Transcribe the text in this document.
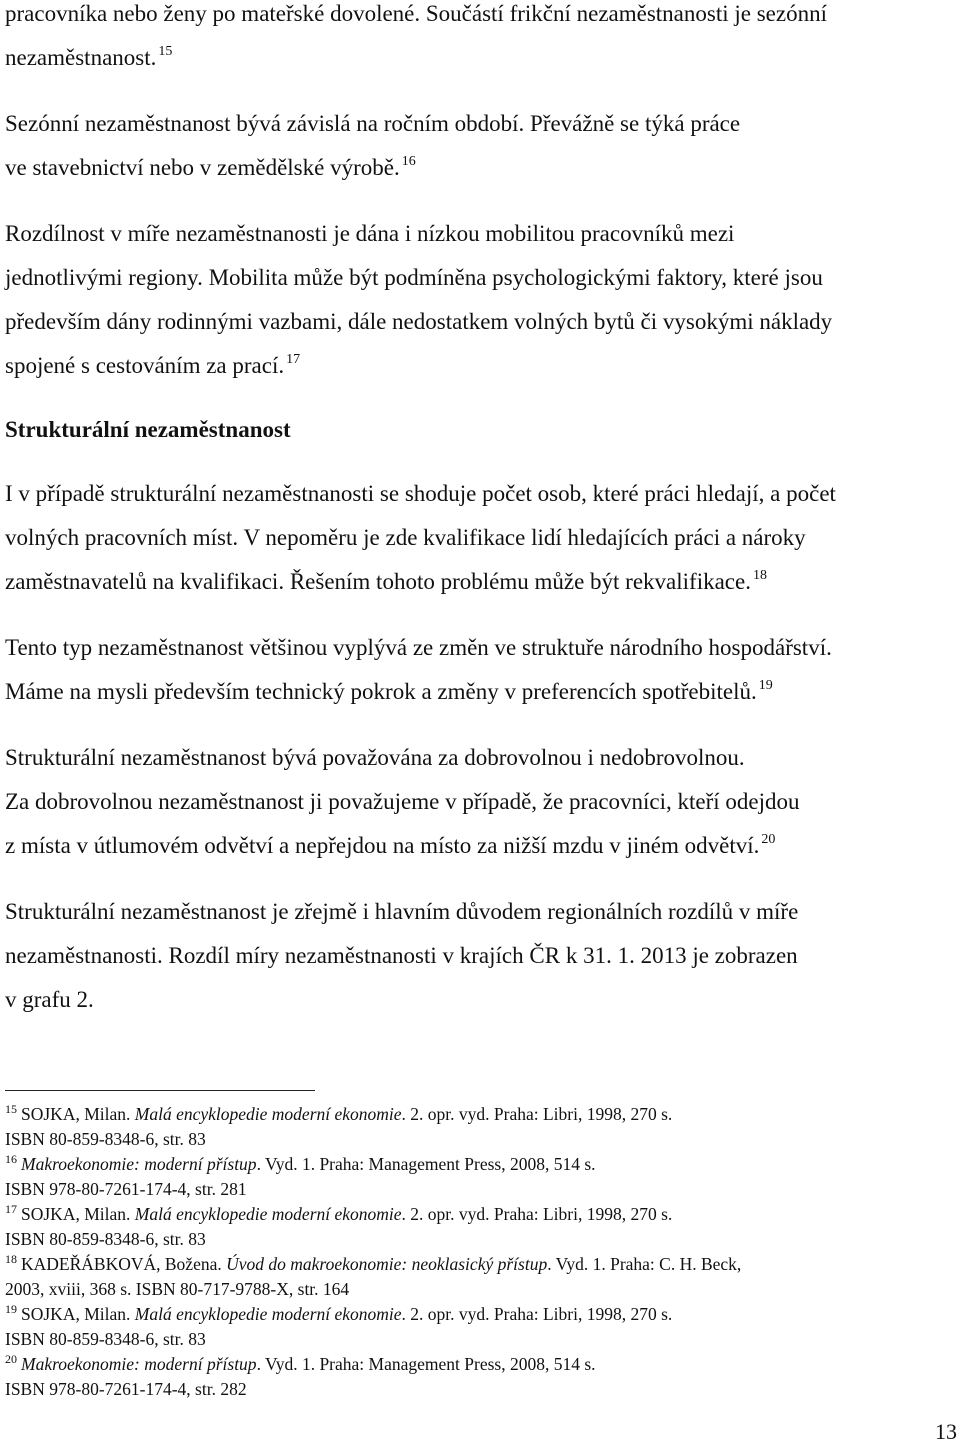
pracovníka nebo ženy po mateřské dovolené. Součástí frikční nezaměstnanosti je sezónní
nezaměstnanost. $^{15}$

Sezónní nezaměstnanost bývá závislá na ročním období. Převážně se týká práce
ve stavebnictví nebo v zemědělské výrobě. $^{16}$

Rozdílnost v míře nezaměstnanosti je dána i nízkou mobilitou pracovníků mezi
jednotlivými regiony. Mobilita může být podmíněna psychologickými faktory, které jsou
především dány rodinnými vazbami, dále nedostatkem volných bytů či vysokými náklady
spojené s cestováním za prací. $^{17}$

Strukturální nezaměstnanost

I v případě strukturální nezaměstnanosti se shoduje počet osob, které práci hledají, a počet
volných pracovních míst. V nepoměru je zde kvalifikace lidí hledajících práci a nároky
zaměstnavatelů na kvalifikaci. Řešením tohoto problému může být rekvalifikace. $^{18}$

Tento typ nezaměstnanost většinou vyplývá ze změn ve struktuře národního hospodářství.
Máme na mysli především technický pokrok a změny v preferencích spotřebitelů. $^{19}$

Strukturální nezaměstnanost bývá považována za dobrovolnou i nedobrovolnou.
Za dobrovolnou nezaměstnanost ji považujeme v případě, že pracovníci, kteří odejdou
z místa v útlumovém odvětví a nepřejdou na místo za nižší mzdu v jiném odvětví. $^{20}$

Strukturální nezaměstnanost je zřejmě i hlavním důvodem regionálních rozdílů v míře
nezaměstnanosti. Rozdíl míry nezaměstnanosti v krajích ČR k 31. 1. 2013 je zobrazen
v grafu 2.

$^{15}$ SOJKA, Milan. Malá encyklopedie moderní ekonomie. 2. opr. vyd. Praha: Libri, 1998, 270 s.
ISBN 80-859-8348-6, str. 83

$^{16}$ Makroekonomie: moderní přístup. Vyd. 1. Praha: Management Press, 2008, 514 s.
ISBN 978-80-7261-174-4, str. 281

$^{17}$ SOJKA, Milan. Malá encyklopedie moderní ekonomie. 2. opr. vyd. Praha: Libri, 1998, 270 s.
ISBN 80-859-8348-6, str. 83

$^{18}$ KADEŘÁBKOVÁ, Božena. Úvod do makroekonomie: neoklasický přístup. Vyd. 1. Praha: C. H. Beck,
2003, xviii, 368 s. ISBN 80-717-9788-X, str. 164

$^{19}$ SOJKA, Milan. Malá encyklopedie moderní ekonomie. 2. opr. vyd. Praha: Libri, 1998, 270 s.
ISBN 80-859-8348-6, str. 83

$^{20}$ Makroekonomie: moderní přístup. Vyd. 1. Praha: Management Press, 2008, 514 s.
ISBN 978-80-7261-174-4, str. 282

13
